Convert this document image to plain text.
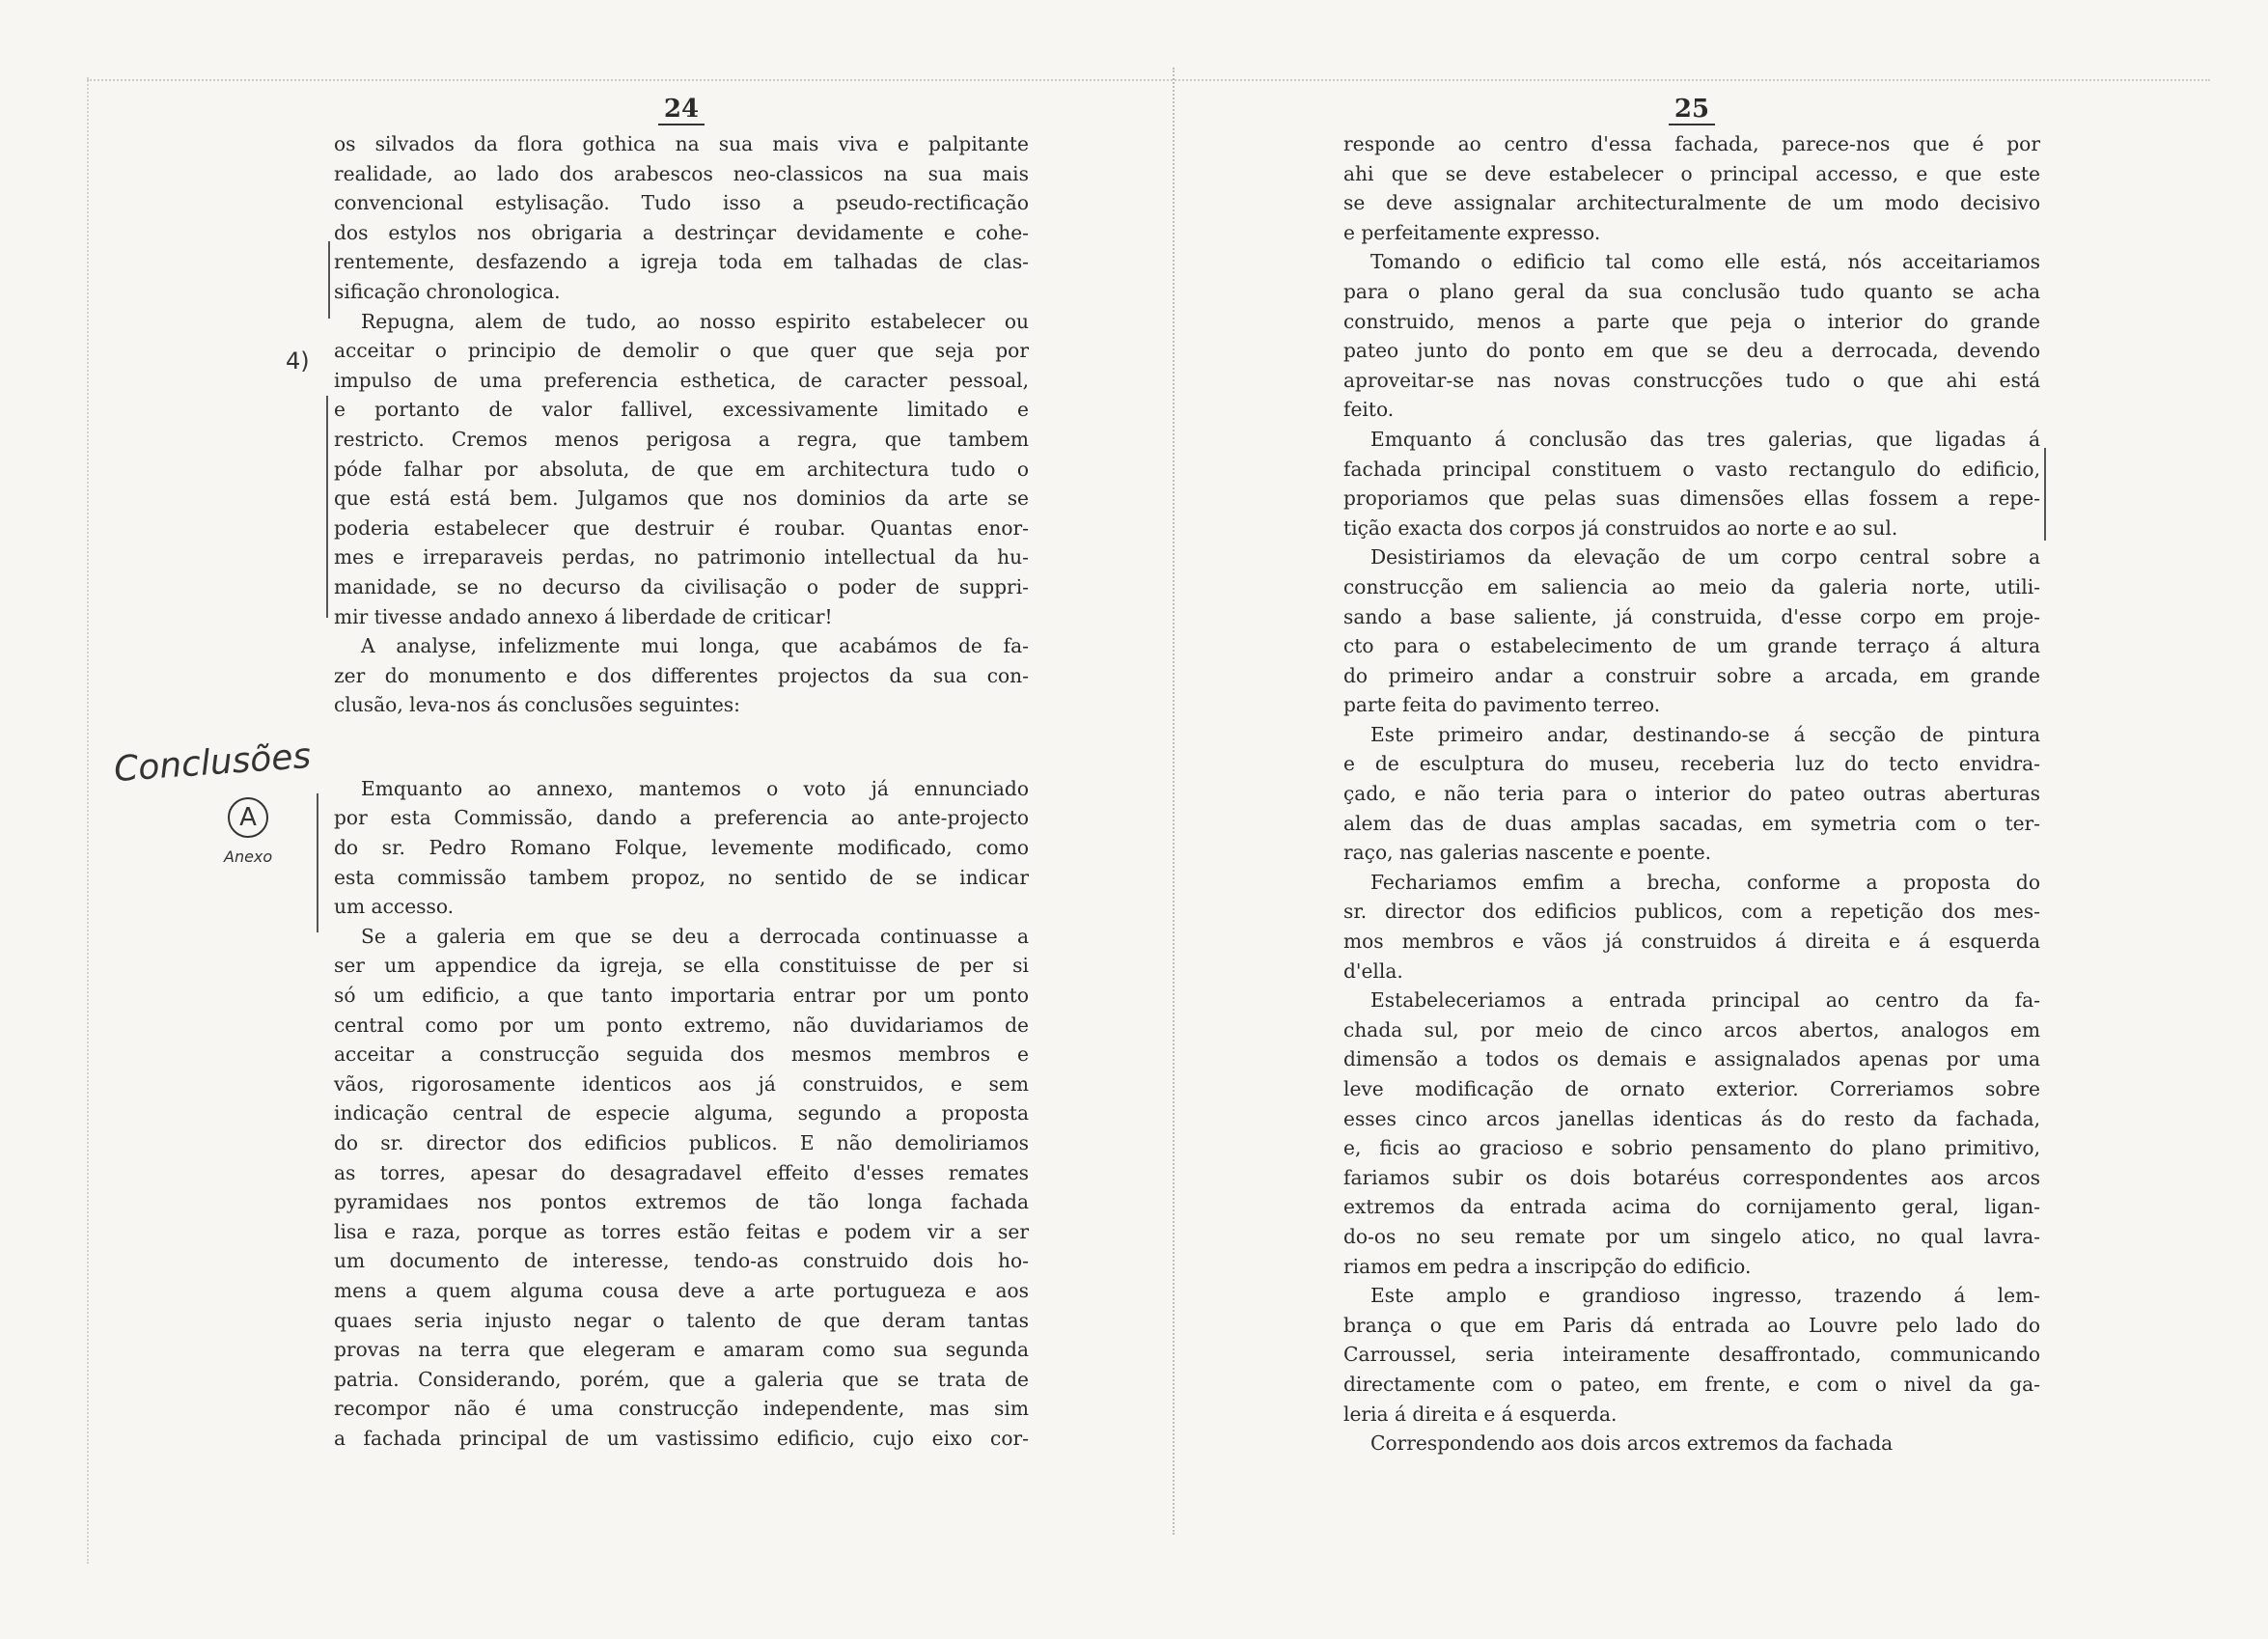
Conclusões
A
Anexo
4)
24
os silvados da flora gothica na sua mais viva e palpitante
realidade, ao lado dos arabescos neo-classicos na sua mais
convencional estylisação. Tudo isso a pseudo-rectificação
dos estylos nos obrigaria a destrinçar devidamente e cohe-
rentemente, desfazendo a igreja toda em talhadas de clas-
sificação chronologica.
Repugna, alem de tudo, ao nosso espirito estabelecer ou
acceitar o principio de demolir o que quer que seja por
impulso de uma preferencia esthetica, de caracter pessoal,
e portanto de valor fallivel, excessivamente limitado e
restricto. Cremos menos perigosa a regra, que tambem
póde falhar por absoluta, de que em architectura tudo o
que está está bem. Julgamos que nos dominios da arte se
poderia estabelecer que destruir é roubar. Quantas enor-
mes e irreparaveis perdas, no patrimonio intellectual da hu-
manidade, se no decurso da civilisação o poder de suppri-
mir tivesse andado annexo á liberdade de criticar!
A analyse, infelizmente mui longa, que acabámos de fa-
zer do monumento e dos differentes projectos da sua con-
clusão, leva-nos ás conclusões seguintes:
Emquanto ao annexo, mantemos o voto já ennunciado
por esta Commissão, dando a preferencia ao ante-projecto
do sr. Pedro Romano Folque, levemente modificado, como
esta commissão tambem propoz, no sentido de se indicar
um accesso.
Se a galeria em que se deu a derrocada continuasse a
ser um appendice da igreja, se ella constituisse de per si
só um edificio, a que tanto importaria entrar por um ponto
central como por um ponto extremo, não duvidariamos de
acceitar a construcção seguida dos mesmos membros e
vãos, rigorosamente identicos aos já construidos, e sem
indicação central de especie alguma, segundo a proposta
do sr. director dos edificios publicos. E não demoliriamos
as torres, apesar do desagradavel effeito d'esses remates
pyramidaes nos pontos extremos de tão longa fachada
lisa e raza, porque as torres estão feitas e podem vir a ser
um documento de interesse, tendo-as construido dois ho-
mens a quem alguma cousa deve a arte portugueza e aos
quaes seria injusto negar o talento de que deram tantas
provas na terra que elegeram e amaram como sua segunda
patria. Considerando, porém, que a galeria que se trata de
recompor não é uma construcção independente, mas sim
a fachada principal de um vastissimo edificio, cujo eixo cor-
25
responde ao centro d'essa fachada, parece-nos que é por
ahi que se deve estabelecer o principal accesso, e que este
se deve assignalar architecturalmente de um modo decisivo
e perfeitamente expresso.
Tomando o edificio tal como elle está, nós acceitariamos
para o plano geral da sua conclusão tudo quanto se acha
construido, menos a parte que peja o interior do grande
pateo junto do ponto em que se deu a derrocada, devendo
aproveitar-se nas novas construcções tudo o que ahi está
feito.
Emquanto á conclusão das tres galerias, que ligadas á
fachada principal constituem o vasto rectangulo do edificio,
proporiamos que pelas suas dimensões ellas fossem a repe-
tição exacta dos corpos já construidos ao norte e ao sul.
Desistiriamos da elevação de um corpo central sobre a
construcção em saliencia ao meio da galeria norte, utili-
sando a base saliente, já construida, d'esse corpo em proje-
cto para o estabelecimento de um grande terraço á altura
do primeiro andar a construir sobre a arcada, em grande
parte feita do pavimento terreo.
Este primeiro andar, destinando-se á secção de pintura
e de esculptura do museu, receberia luz do tecto envidra-
çado, e não teria para o interior do pateo outras aberturas
alem das de duas amplas sacadas, em symetria com o ter-
raço, nas galerias nascente e poente.
Fechariamos emfim a brecha, conforme a proposta do
sr. director dos edificios publicos, com a repetição dos mes-
mos membros e vãos já construidos á direita e á esquerda
d'ella.
Estabeleceriamos a entrada principal ao centro da fa-
chada sul, por meio de cinco arcos abertos, analogos em
dimensão a todos os demais e assignalados apenas por uma
leve modificação de ornato exterior. Correriamos sobre
esses cinco arcos janellas identicas ás do resto da fachada,
e, ficis ao gracioso e sobrio pensamento do plano primitivo,
fariamos subir os dois botaréus correspondentes aos arcos
extremos da entrada acima do cornijamento geral, ligan-
do-os no seu remate por um singelo atico, no qual lavra-
riamos em pedra a inscripção do edificio.
Este amplo e grandioso ingresso, trazendo á lem-
brança o que em Paris dá entrada ao Louvre pelo lado do
Carroussel, seria inteiramente desaffrontado, communicando
directamente com o pateo, em frente, e com o nivel da ga-
leria á direita e á esquerda.
Correspondendo aos dois arcos extremos da fachada
